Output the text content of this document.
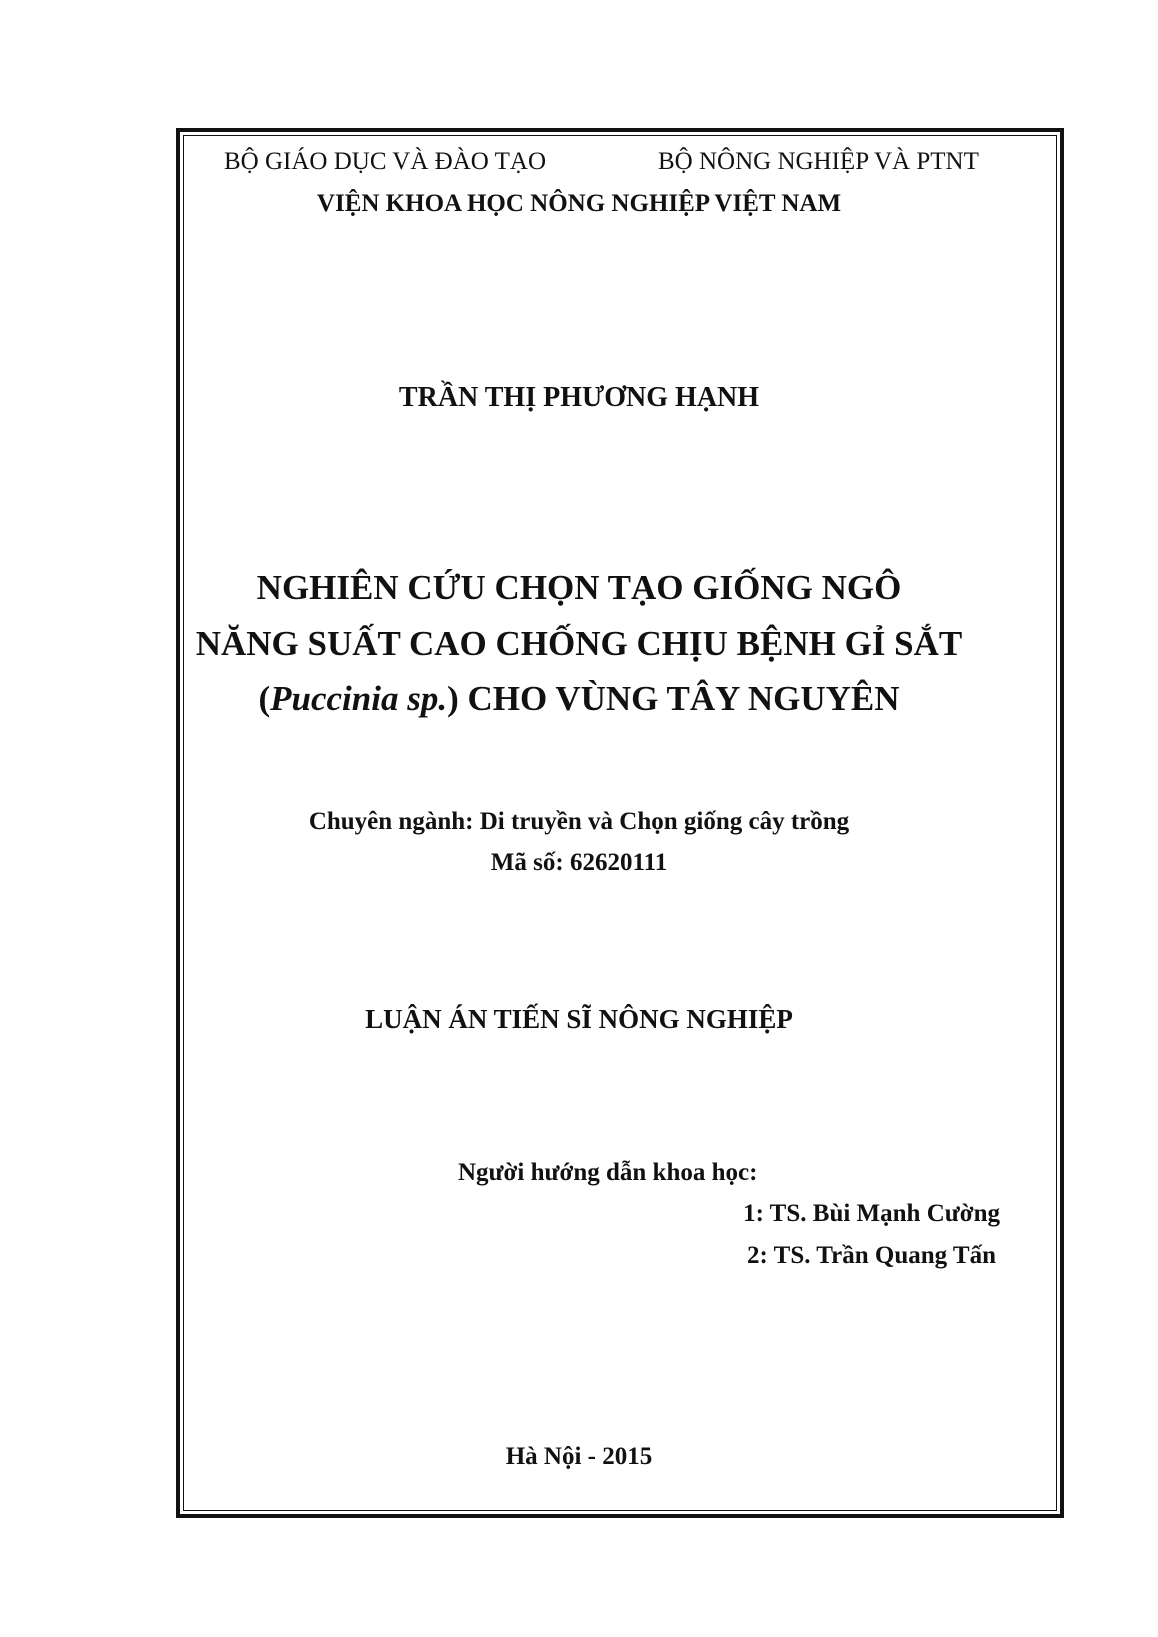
BỘ GIÁO DỤC VÀ ĐÀO TẠO	BỘ NÔNG NGHIỆP VÀ PTNT
VIỆN KHOA HỌC NÔNG NGHIỆP VIỆT NAM
TRẦN THỊ PHƯƠNG HẠNH
NGHIÊN CỨU CHỌN TẠO GIỐNG NGÔ
NĂNG SUẤT CAO CHỐNG CHỊU BỆNH GỈ SẮT
(Puccinia sp.) CHO VÙNG TÂY NGUYÊN
Chuyên ngành: Di truyền và Chọn giống cây trồng
Mã số: 62620111
LUẬN ÁN TIẾN SĨ NÔNG NGHIỆP
Người hướng dẫn khoa học:
1: TS. Bùi Mạnh Cường
2: TS. Trần Quang Tấn
Hà Nội - 2015
